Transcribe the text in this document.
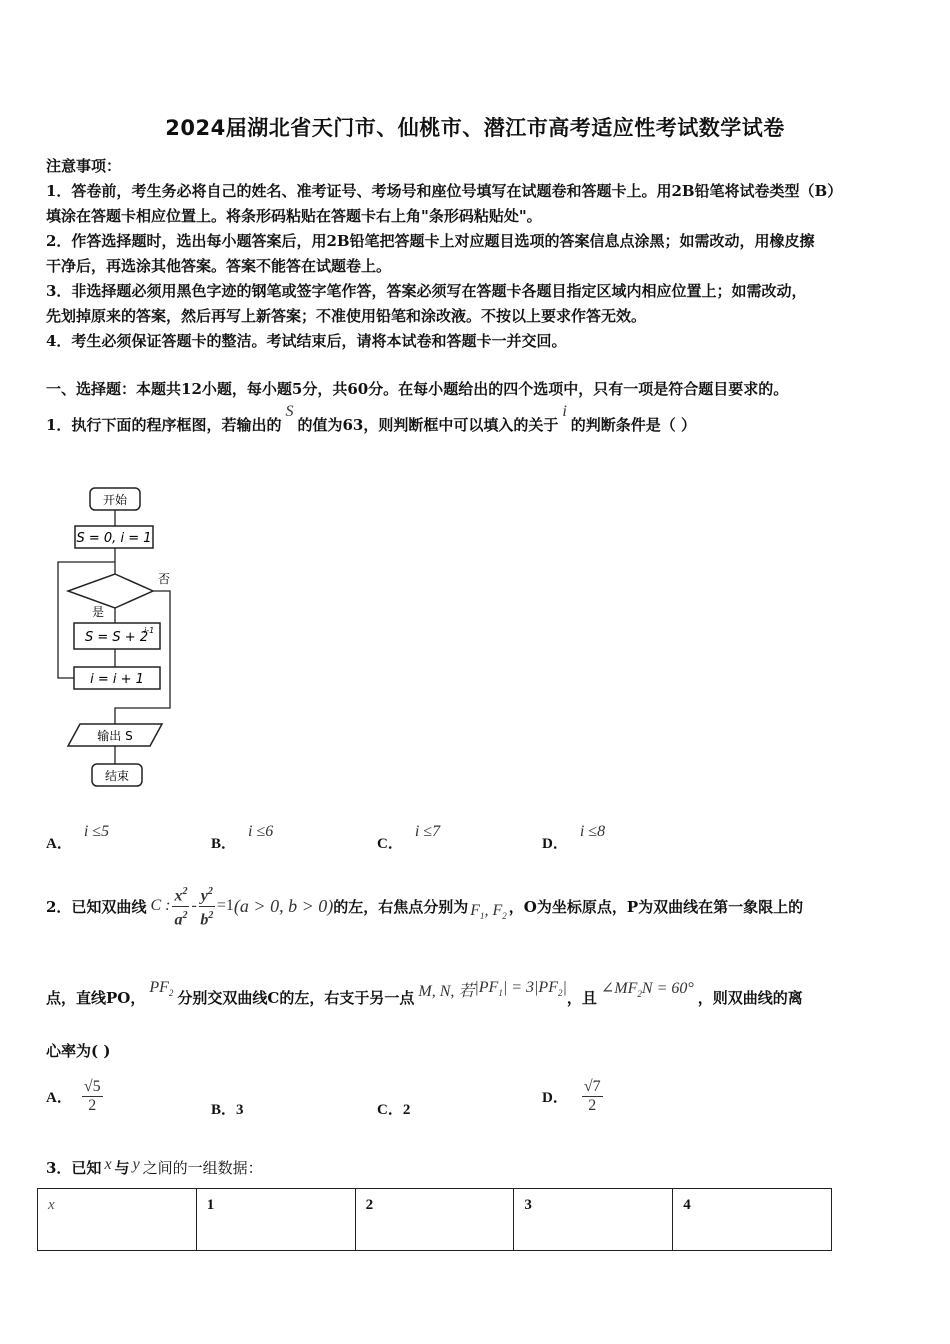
2024届湖北省天门市、仙桃市、潜江市高考适应性考试数学试卷
注意事项：
1．答卷前，考生务必将自己的姓名、准考证号、考场号和座位号填写在试题卷和答题卡上。用2B铅笔将试卷类型（B）
填涂在答题卡相应位置上。将条形码粘贴在答题卡右上角"条形码粘贴处"。
2．作答选择题时，选出每小题答案后，用2B铅笔把答题卡上对应题目选项的答案信息点涂黑；如需改动，用橡皮擦
干净后，再选涂其他答案。答案不能答在试题卷上。
3．非选择题必须用黑色字迹的钢笔或签字笔作答，答案必须写在答题卡各题目指定区域内相应位置上；如需改动，
先划掉原来的答案，然后再写上新答案；不准使用铅笔和涂改液。不按以上要求作答无效。
4．考生必须保证答题卡的整洁。考试结束后，请将本试卷和答题卡一并交回。
一、选择题：本题共12小题，每小题5分，共60分。在每小题给出的四个选项中，只有一项是符合题目要求的。
1．执行下面的程序框图，若输出的S的值为63，则判断框中可以填入的关于i的判断条件是（ ）
开始
S = 0, i = 1
否
是
S = S + 2
i-1
i = i + 1
输出 S
结束
A．i ≤5
B．i ≤6
C．i ≤7
D．i ≤8
2．已知双曲线 C : $\frac{x^2}{a^2} - \frac{y^2}{b^2} =1$ (a > 0, b > 0) 的左，右焦点分别为 $F_1$, $F_2$
，O为坐标原点，P为双曲线在第一象限上的
点，直线PO，
$PF_2$ 分别交双曲线C的左，右支于另一点 M, N, 若 $|PF_1| = 3|PF_2|$
，且 $\angle MF_2N = 60^\circ$ ，则双曲线的离
心率为( )
A． $\frac{√5}{2}$	B．3	C．2
D． $\frac{√7}{2}$
3．已知 x 与 y 之间的一组数据：
x	1	2	3	4
